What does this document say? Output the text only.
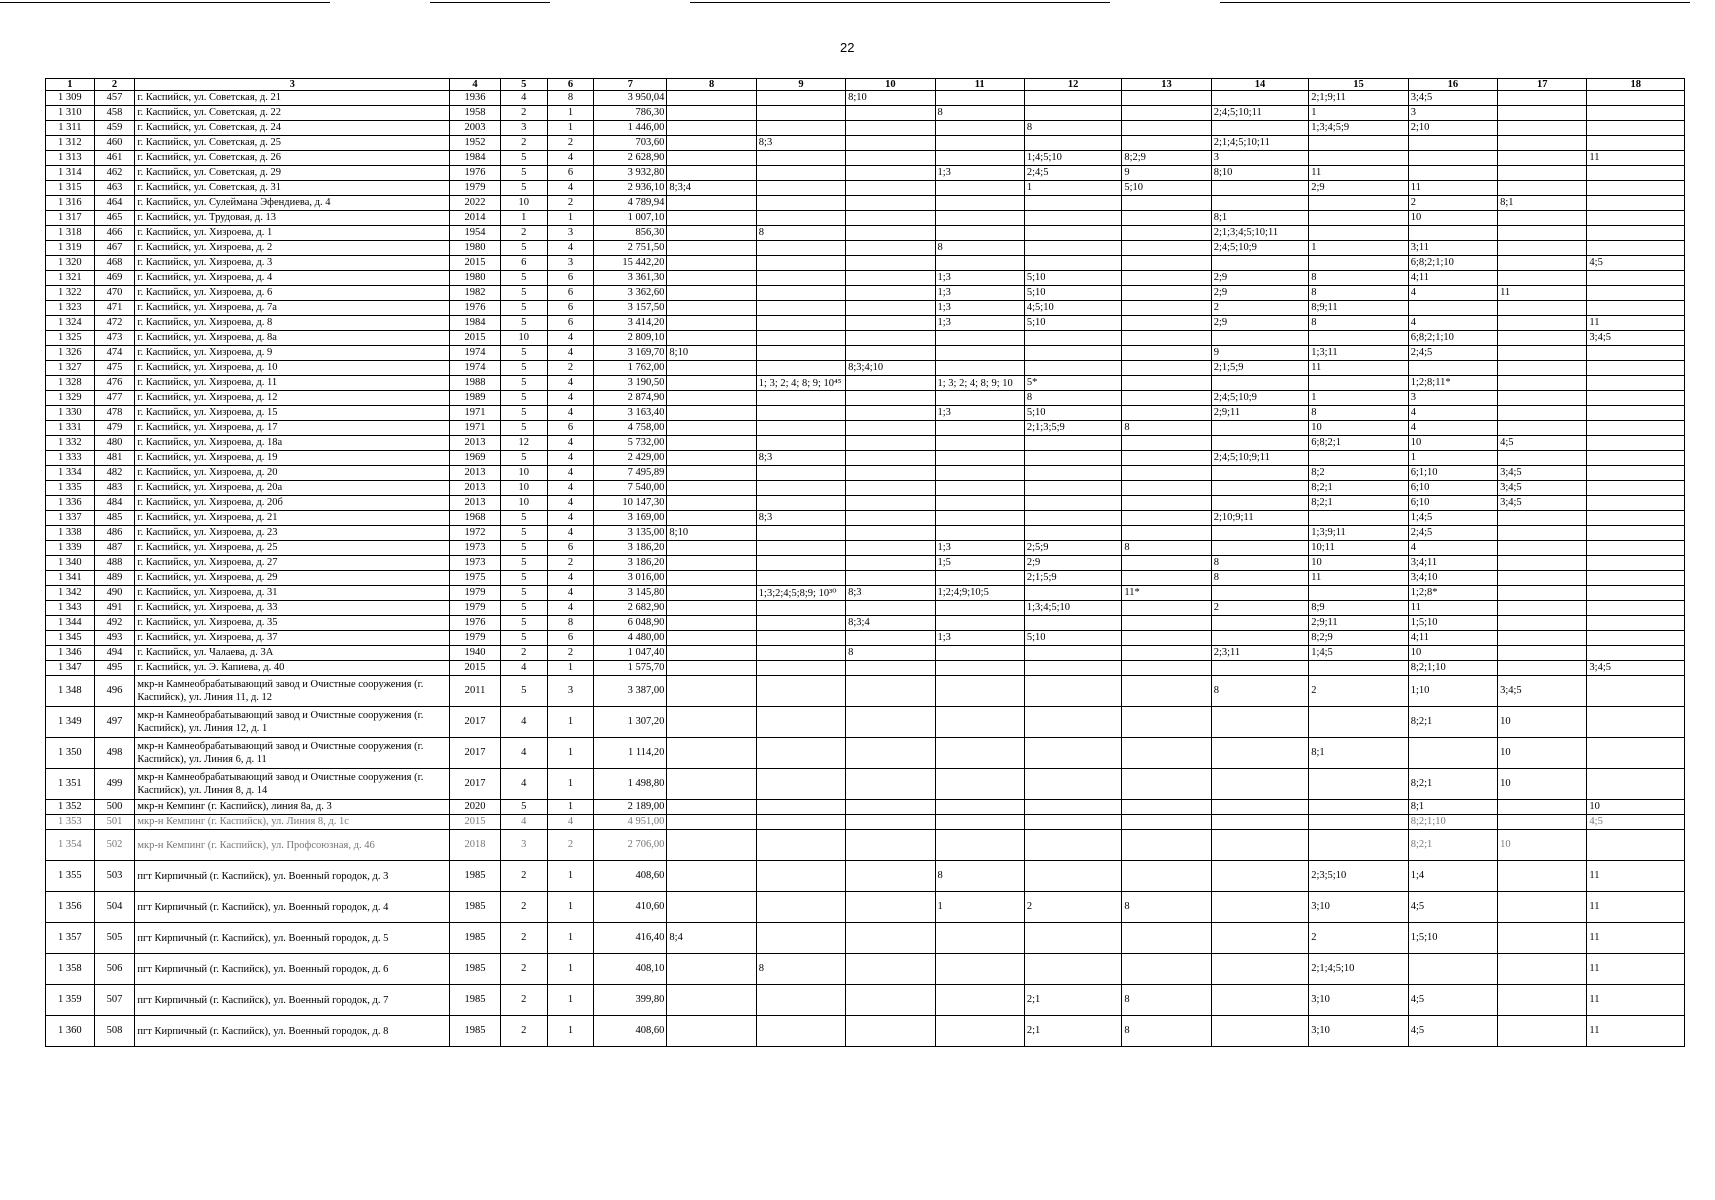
22
1	2	3	4	5	6	7	8	9	10	11	12	13	14	15	16	17	18
1 309	457	г. Каспийск, ул. Советская, д. 21	1936	4	8	3 950,04			8;10					2;1;9;11	3;4;5		
1 310	458	г. Каспийск, ул. Советская, д. 22	1958	2	1	786,30				8			2;4;5;10;11	1	3		
1 311	459	г. Каспийск, ул. Советская, д. 24	2003	3	1	1 446,00					8			1;3;4;5;9	2;10		
1 312	460	г. Каспийск, ул. Советская, д. 25	1952	2	2	703,60		8;3					2;1;4;5;10;11				
1 313	461	г. Каспийск, ул. Советская, д. 26	1984	5	4	2 628,90					1;4;5;10	8;2;9	3				11
1 314	462	г. Каспийск, ул. Советская, д. 29	1976	5	6	3 932,80				1;3	2;4;5	9	8;10	11			
1 315	463	г. Каспийск, ул. Советская, д. 31	1979	5	4	2 936,10	8;3;4				1	5;10		2;9	11		
1 316	464	г. Каспийск, ул. Сулеймана Эфендиева, д. 4	2022	10	2	4 789,94									2	8;1	
1 317	465	г. Каспийск, ул. Трудовая, д. 13	2014	1	1	1 007,10							8;1		10		
1 318	466	г. Каспийск, ул. Хизроева, д. 1	1954	2	3	856,30		8					2;1;3;4;5;10;11				
1 319	467	г. Каспийск, ул. Хизроева, д. 2	1980	5	4	2 751,50				8			2;4;5;10;9	1	3;11		
1 320	468	г. Каспийск, ул. Хизроева, д. 3	2015	6	3	15 442,20									6;8;2;1;10		4;5
1 321	469	г. Каспийск, ул. Хизроева, д. 4	1980	5	6	3 361,30				1;3	5;10		2;9	8	4;11		
1 322	470	г. Каспийск, ул. Хизроева, д. 6	1982	5	6	3 362,60				1;3	5;10		2;9	8	4	11	
1 323	471	г. Каспийск, ул. Хизроева, д. 7а	1976	5	6	3 157,50				1;3	4;5;10		2	8;9;11			
1 324	472	г. Каспийск, ул. Хизроева, д. 8	1984	5	6	3 414,20				1;3	5;10		2;9	8	4		11
1 325	473	г. Каспийск, ул. Хизроева, д. 8а	2015	10	4	2 809,10									6;8;2;1;10		3;4;5
1 326	474	г. Каспийск, ул. Хизроева, д. 9	1974	5	4	3 169,70	8;10						9	1;3;11	2;4;5		
1 327	475	г. Каспийск, ул. Хизроева, д. 10	1974	5	2	1 762,00			8;3;4;10				2;1;5;9	11			
1 328	476	г. Каспийск, ул. Хизроева, д. 11	1988	5	4	3 190,50		1; 3; 2; 4; 8; 9; 10⁴⁵		1; 3; 2; 4; 8; 9; 10	5*				1;2;8;11*		
1 329	477	г. Каспийск, ул. Хизроева, д. 12	1989	5	4	2 874,90					8		2;4;5;10;9	1	3		
1 330	478	г. Каспийск, ул. Хизроева, д. 15	1971	5	4	3 163,40				1;3	5;10		2;9;11	8	4		
1 331	479	г. Каспийск, ул. Хизроева, д. 17	1971	5	6	4 758,00					2;1;3;5;9	8		10	4		
1 332	480	г. Каспийск, ул. Хизроева, д. 18а	2013	12	4	5 732,00								6;8;2;1	10	4;5	
1 333	481	г. Каспийск, ул. Хизроева, д. 19	1969	5	4	2 429,00		8;3					2;4;5;10;9;11		1		
1 334	482	г. Каспийск, ул. Хизроева, д. 20	2013	10	4	7 495,89								8;2	6;1;10	3;4;5	
1 335	483	г. Каспийск, ул. Хизроева, д. 20а	2013	10	4	7 540,00								8;2;1	6;10	3;4;5	
1 336	484	г. Каспийск, ул. Хизроева, д. 20б	2013	10	4	10 147,30								8;2;1	6;10	3;4;5	
1 337	485	г. Каспийск, ул. Хизроева, д. 21	1968	5	4	3 169,00		8;3					2;10;9;11		1;4;5		
1 338	486	г. Каспийск, ул. Хизроева, д. 23	1972	5	4	3 135,00	8;10							1;3;9;11	2;4;5		
1 339	487	г. Каспийск, ул. Хизроева, д. 25	1973	5	6	3 186,20				1;3	2;5;9	8		10;11	4		
1 340	488	г. Каспийск, ул. Хизроева, д. 27	1973	5	2	3 186,20				1;5	2;9		8	10	3;4;11		
1 341	489	г. Каспийск, ул. Хизроева, д. 29	1975	5	4	3 016,00					2;1;5;9		8	11	3;4;10		
1 342	490	г. Каспийск, ул. Хизроева, д. 31	1979	5	4	3 145,80		1;3;2;4;5;8;9; 10³⁰	8;3	1;2;4;9;10;5		11*			1;2;8*		
1 343	491	г. Каспийск, ул. Хизроева, д. 33	1979	5	4	2 682,90					1;3;4;5;10		2	8;9	11		
1 344	492	г. Каспийск, ул. Хизроева, д. 35	1976	5	8	6 048,90			8;3;4					2;9;11	1;5;10		
1 345	493	г. Каспийск, ул. Хизроева, д. 37	1979	5	6	4 480,00				1;3	5;10			8;2;9	4;11		
1 346	494	г. Каспийск, ул. Чалаева, д. 3А	1940	2	2	1 047,40			8				2;3;11	1;4;5	10		
1 347	495	г. Каспийск, ул. Э. Капиева, д. 40	2015	4	1	1 575,70									8;2;1;10		3;4;5
1 348	496	мкр-н Камнеобрабатывающий завод и Очистные сооружения (г. Каспийск), ул. Линия 11, д. 12	2011	5	3	3 387,00							8	2	1;10	3;4;5	
1 349	497	мкр-н Камнеобрабатывающий завод и Очистные сооружения (г. Каспийск), ул. Линия 12, д. 1	2017	4	1	1 307,20									8;2;1	10	
1 350	498	мкр-н Камнеобрабатывающий завод и Очистные сооружения (г. Каспийск), ул. Линия 6, д. 11	2017	4	1	1 114,20								8;1		10	
1 351	499	мкр-н Камнеобрабатывающий завод и Очистные сооружения (г. Каспийск), ул. Линия 8, д. 14	2017	4	1	1 498,80									8;2;1	10	
1 352	500	мкр-н Кемпинг (г. Каспийск), линия 8а, д. 3	2020	5	1	2 189,00									8;1		10
1 353	501	мкр-н Кемпинг (г. Каспийск), ул. Линия 8, д. 1с	2015	4	4	4 951,00									8;2;1;10		4;5
1 354	502	мкр-н Кемпинг (г. Каспийск), ул. Профсоюзная, д. 46	2018	3	2	2 706,00									8;2;1	10	
1 355	503	пгт Кирпичный (г. Каспийск), ул. Военный городок, д. 3	1985	2	1	408,60				8				2;3;5;10	1;4		11
1 356	504	пгт Кирпичный (г. Каспийск), ул. Военный городок, д. 4	1985	2	1	410,60				1	2	8		3;10	4;5		11
1 357	505	пгт Кирпичный (г. Каспийск), ул. Военный городок, д. 5	1985	2	1	416,40	8;4							2	1;5;10		11
1 358	506	пгт Кирпичный (г. Каспийск), ул. Военный городок, д. 6	1985	2	1	408,10		8						2;1;4;5;10			11
1 359	507	пгт Кирпичный (г. Каспийск), ул. Военный городок, д. 7	1985	2	1	399,80					2;1	8		3;10	4;5		11
1 360	508	пгт Кирпичный (г. Каспийск), ул. Военный городок, д. 8	1985	2	1	408,60					2;1	8		3;10	4;5		11
